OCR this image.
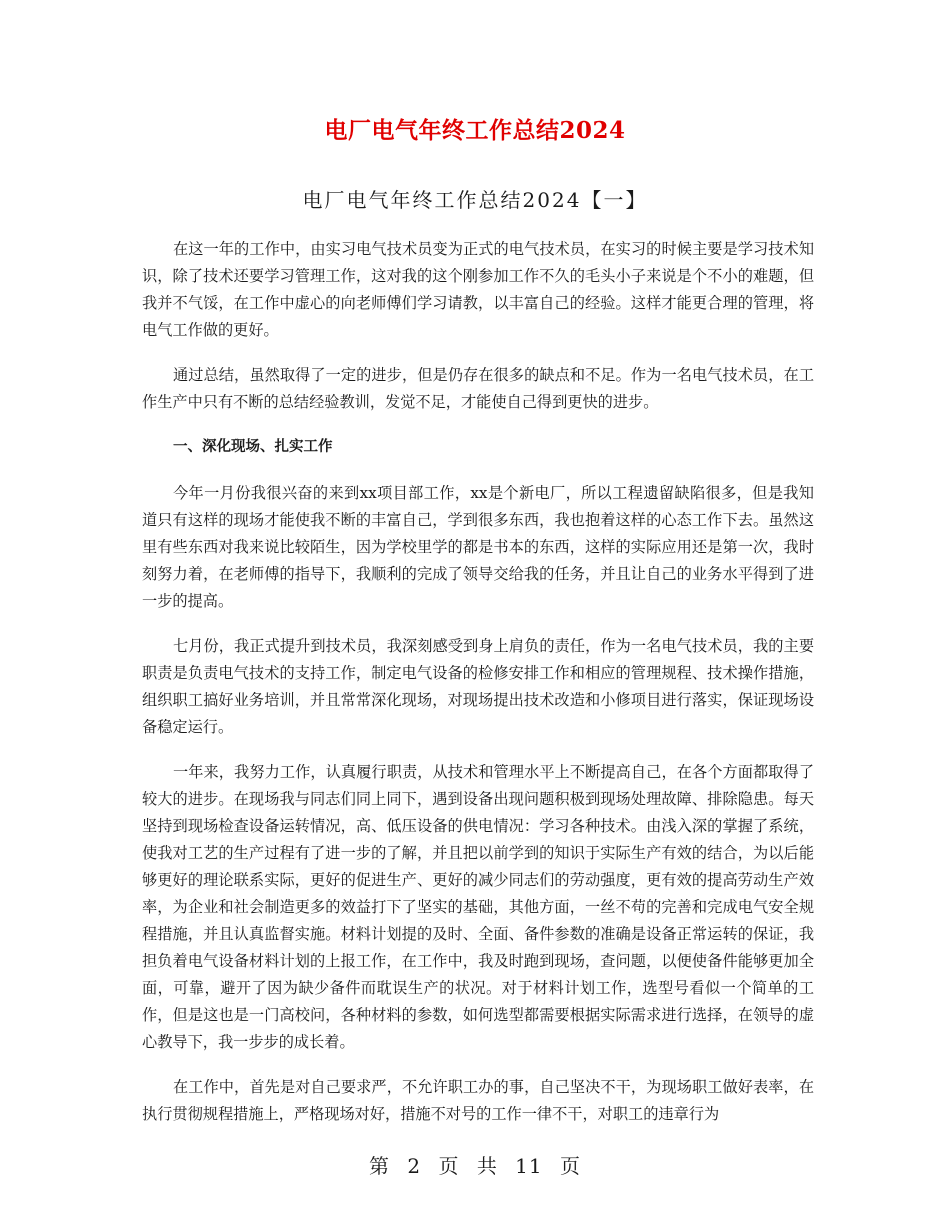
电厂电气年终工作总结2024
电厂电气年终工作总结2024【一】

在这一年的工作中，由实习电气技术员变为正式的电气技术员，在实习的时候主要是学习技术知识，除了技术还要学习管理工作，这对我的这个刚参加工作不久的毛头小子来说是个不小的难题，但我并不气馁，在工作中虚心的向老师傅们学习请教，以丰富自己的经验。这样才能更合理的管理，将电气工作做的更好。

通过总结，虽然取得了一定的进步，但是仍存在很多的缺点和不足。作为一名电气技术员，在工作生产中只有不断的总结经验教训，发觉不足，才能使自己得到更快的进步。

一、深化现场、扎实工作

今年一月份我很兴奋的来到xx项目部工作，xx是个新电厂，所以工程遗留缺陷很多，但是我知道只有这样的现场才能使我不断的丰富自己，学到很多东西，我也抱着这样的心态工作下去。虽然这里有些东西对我来说比较陌生，因为学校里学的都是书本的东西，这样的实际应用还是第一次，我时刻努力着，在老师傅的指导下，我顺利的完成了领导交给我的任务，并且让自己的业务水平得到了进一步的提高。

七月份，我正式提升到技术员，我深刻感受到身上肩负的责任，作为一名电气技术员，我的主要职责是负责电气技术的支持工作，制定电气设备的检修安排工作和相应的管理规程、技术操作措施，组织职工搞好业务培训，并且常常深化现场，对现场提出技术改造和小修项目进行落实，保证现场设备稳定运行。

一年来，我努力工作，认真履行职责，从技术和管理水平上不断提高自己，在各个方面都取得了较大的进步。在现场我与同志们同上同下，遇到设备出现问题积极到现场处理故障、排除隐患。每天坚持到现场检查设备运转情况，高、低压设备的供电情况：学习各种技术。由浅入深的掌握了系统，使我对工艺的生产过程有了进一步的了解，并且把以前学到的知识于实际生产有效的结合，为以后能够更好的理论联系实际，更好的促进生产、更好的减少同志们的劳动强度，更有效的提高劳动生产效率，为企业和社会制造更多的效益打下了坚实的基础，其他方面，一丝不苟的完善和完成电气安全规程措施，并且认真监督实施。材料计划提的及时、全面、备件参数的准确是设备正常运转的保证，我担负着电气设备材料计划的上报工作，在工作中，我及时跑到现场，查问题，以便使备件能够更加全面，可靠，避开了因为缺少备件而耽误生产的状况。对于材料计划工作，选型号看似一个简单的工作，但是这也是一门高校问，各种材料的参数，如何选型都需要根据实际需求进行选择，在领导的虚心教导下，我一步步的成长着。

在工作中，首先是对自己要求严，不允许职工办的事，自己坚决不干，为现场职工做好表率，在执行贯彻规程措施上，严格现场对好，措施不对号的工作一律不干，对职工的违章行为

第 2 页 共 11 页
